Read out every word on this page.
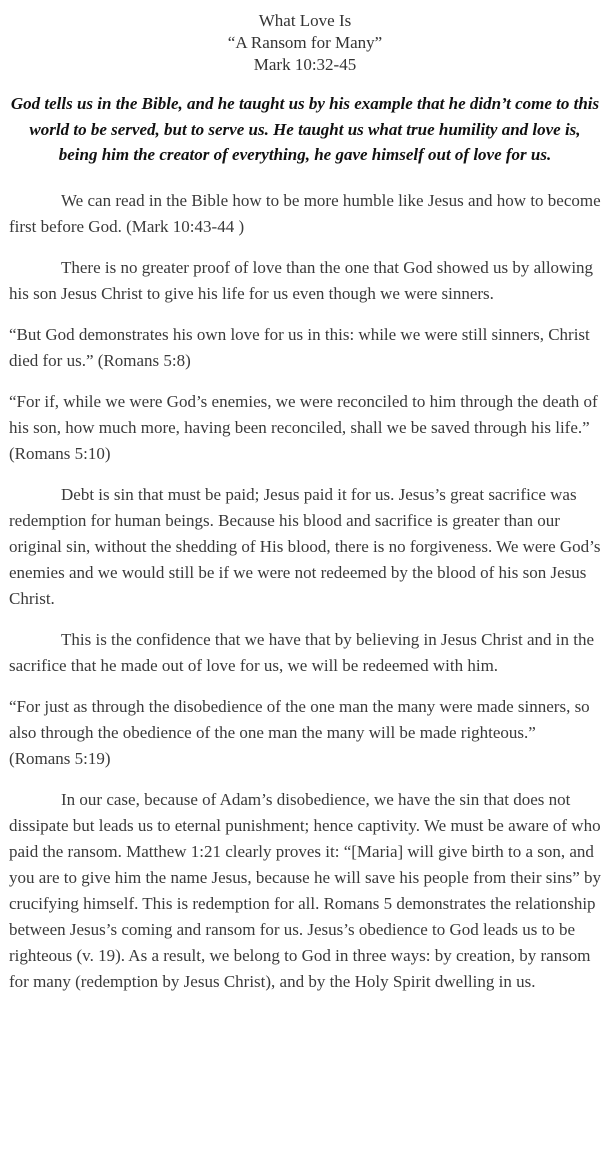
What Love Is
“A Ransom for Many”
Mark 10:32-45

God tells us in the Bible, and he taught us by his example that he didn’t come to this world to be served, but to serve us. He taught us what true humility and love is, being him the creator of everything, he gave himself out of love for us.

We can read in the Bible how to be more humble like Jesus and how to become first before God. (Mark 10:43-44 )

There is no greater proof of love than the one that God showed us by allowing his son Jesus Christ to give his life for us even though we were sinners.

“But God demonstrates his own love for us in this: while we were still sinners, Christ died for us.” (Romans 5:8)

“For if, while we were God’s enemies, we were reconciled to him through the death of his son, how much more, having been reconciled, shall we be saved through his life.” (Romans 5:10)

Debt is sin that must be paid; Jesus paid it for us. Jesus’s great sacrifice was redemption for human beings. Because his blood and sacrifice is greater than our original sin, without the shedding of His blood, there is no forgiveness. We were God’s enemies and we would still be if we were not redeemed by the blood of his son Jesus Christ.

This is the confidence that we have that by believing in Jesus Christ and in the sacrifice that he made out of love for us, we will be redeemed with him.

“For just as through the disobedience of the one man the many were made sinners, so also through the obedience of the one man the many will be made righteous.” (Romans 5:19)

In our case, because of Adam’s disobedience, we have the sin that does not dissipate but leads us to eternal punishment; hence captivity. We must be aware of who paid the ransom. Matthew 1:21 clearly proves it: “[Maria] will give birth to a son, and you are to give him the name Jesus, because he will save his people from their sins” by crucifying himself. This is redemption for all. Romans 5 demonstrates the relationship between Jesus’s coming and ransom for us. Jesus’s obedience to God leads us to be righteous (v. 19). As a result, we belong to God in three ways: by creation, by ransom for many (redemption by Jesus Christ), and by the Holy Spirit dwelling in us.
